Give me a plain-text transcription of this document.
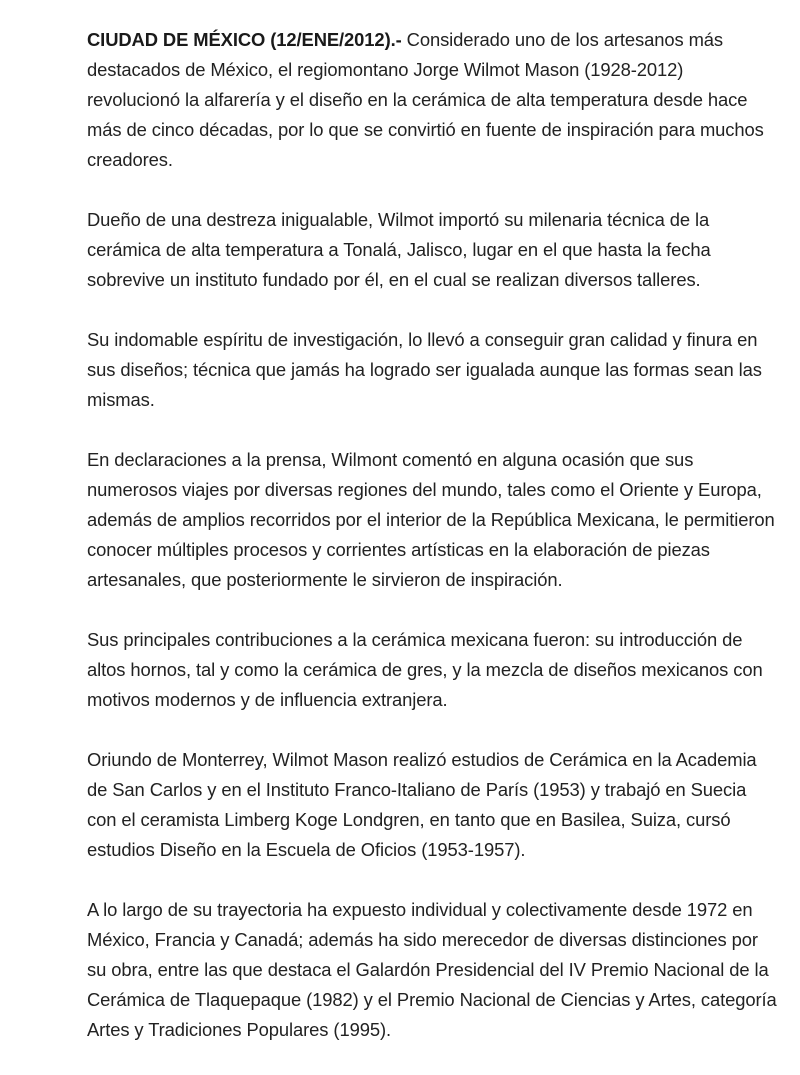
CIUDAD DE MÉXICO (12/ENE/2012).- Considerado uno de los artesanos más destacados de México, el regiomontano Jorge Wilmot Mason (1928-2012) revolucionó la alfarería y el diseño en la cerámica de alta temperatura desde hace más de cinco décadas, por lo que se convirtió en fuente de inspiración para muchos creadores.

Dueño de una destreza inigualable, Wilmot importó su milenaria técnica de la cerámica de alta temperatura a Tonalá, Jalisco, lugar en el que hasta la fecha sobrevive un instituto fundado por él, en el cual se realizan diversos talleres.

Su indomable espíritu de investigación, lo llevó a conseguir gran calidad y finura en sus diseños; técnica que jamás ha logrado ser igualada aunque las formas sean las mismas.

En declaraciones a la prensa, Wilmont comentó en alguna ocasión que sus numerosos viajes por diversas regiones del mundo, tales como el Oriente y Europa, además de amplios recorridos por el interior de la República Mexicana, le permitieron conocer múltiples procesos y corrientes artísticas en la elaboración de piezas artesanales, que posteriormente le sirvieron de inspiración.

Sus principales contribuciones a la cerámica mexicana fueron: su introducción de altos hornos, tal y como la cerámica de gres, y la mezcla de diseños mexicanos con motivos modernos y de influencia extranjera.

Oriundo de Monterrey, Wilmot Mason realizó estudios de Cerámica en la Academia de San Carlos y en el Instituto Franco-Italiano de París (1953) y trabajó en Suecia con el ceramista Limberg Koge Londgren, en tanto que en Basilea, Suiza, cursó estudios Diseño en la Escuela de Oficios (1953-1957).

A lo largo de su trayectoria ha expuesto individual y colectivamente desde 1972 en México, Francia y Canadá; además ha sido merecedor de diversas distinciones por su obra, entre las que destaca el Galardón Presidencial del IV Premio Nacional de la Cerámica de Tlaquepaque (1982) y el Premio Nacional de Ciencias y Artes, categoría Artes y Tradiciones Populares (1995).
